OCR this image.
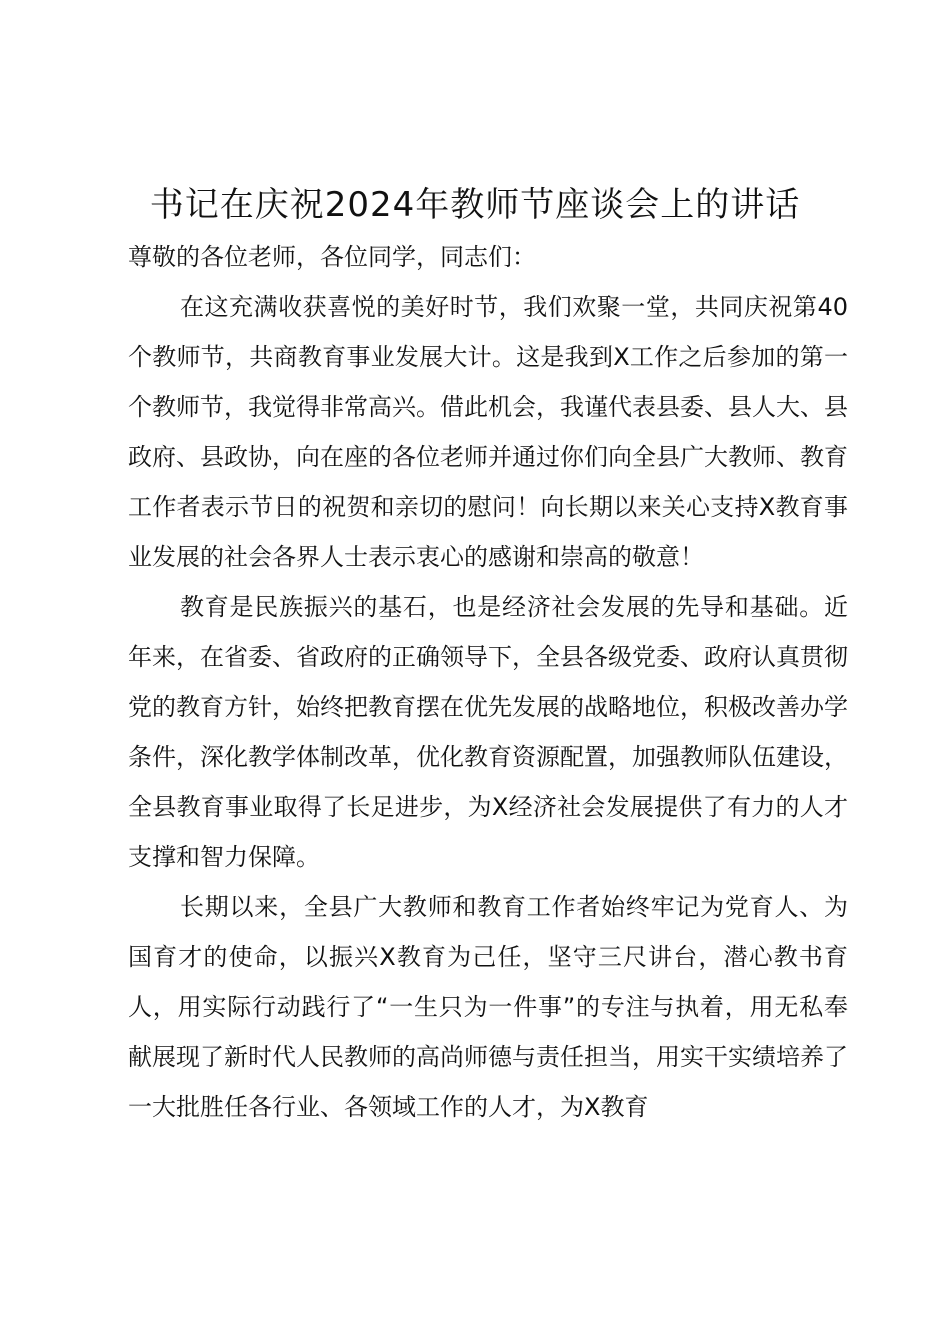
书记在庆祝2024年教师节座谈会上的讲话

尊敬的各位老师，各位同学，同志们：

在这充满收获喜悦的美好时节，我们欢聚一堂，共同庆祝第40个教师节，共商教育事业发展大计。这是我到X工作之后参加的第一个教师节，我觉得非常高兴。借此机会，我谨代表县委、县人大、县政府、县政协，向在座的各位老师并通过你们向全县广大教师、教育工作者表示节日的祝贺和亲切的慰问！向长期以来关心支持X教育事业发展的社会各界人士表示衷心的感谢和崇高的敬意！

教育是民族振兴的基石，也是经济社会发展的先导和基础。近年来，在省委、省政府的正确领导下，全县各级党委、政府认真贯彻党的教育方针，始终把教育摆在优先发展的战略地位，积极改善办学条件，深化教学体制改革，优化教育资源配置，加强教师队伍建设，全县教育事业取得了长足进步，为X经济社会发展提供了有力的人才支撑和智力保障。

长期以来，全县广大教师和教育工作者始终牢记为党育人、为国育才的使命，以振兴X教育为己任，坚守三尺讲台，潜心教书育人，用实际行动践行了“一生只为一件事”的专注与执着，用无私奉献展现了新时代人民教师的高尚师德与责任担当，用实干实绩培养了一大批胜任各行业、各领域工作的人才，为X教育
